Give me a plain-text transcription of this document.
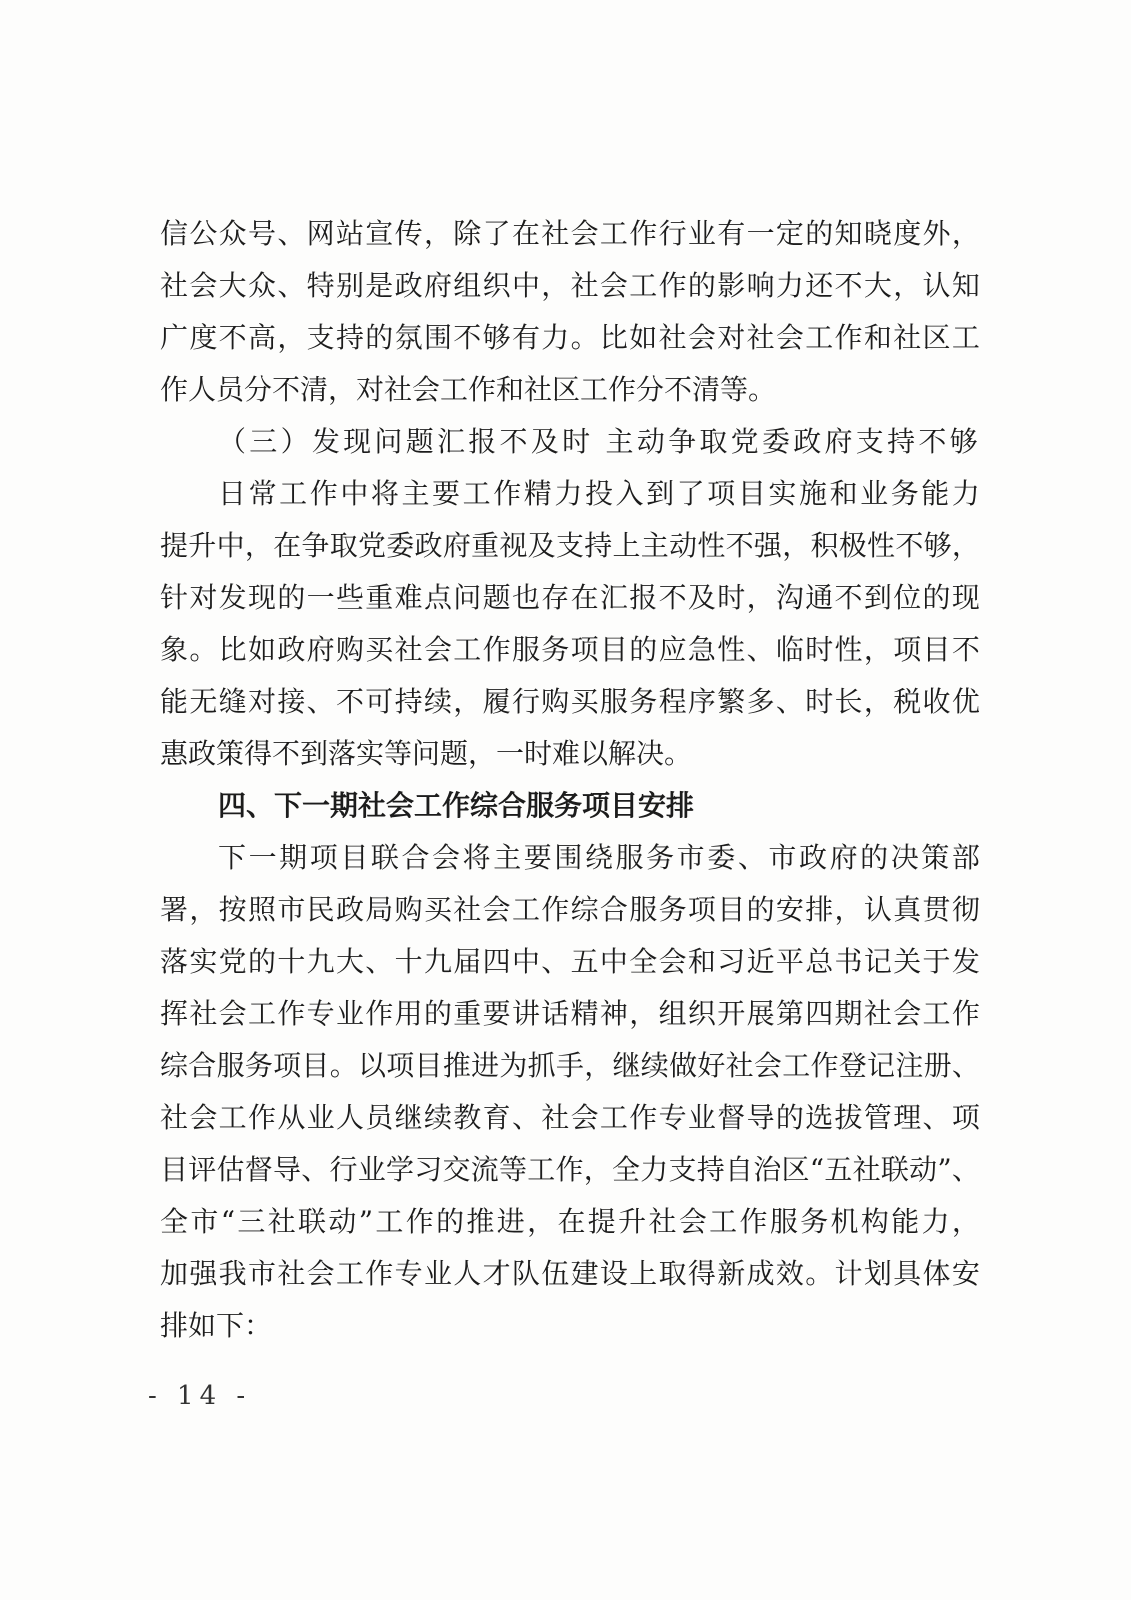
信 公 众 号 、 网 站 宣 传 ， 除 了 在 社 会 工 作 行 业 有 一 定 的 知 晓 度 外 ，
社 会 大 众 、 特 别 是 政 府 组 织 中 ， 社 会 工 作 的 影 响 力 还 不 大 ， 认 知
广 度 不 高 ， 支 持 的 氛 围 不 够 有 力 。 比 如 社 会 对 社 会 工 作 和 社 区 工
作人员分不清，对社会工作和社区工作分不清等。
（ 三 ） 发 现 问 题 汇 报 不 及 时
主 动 争 取 党 委 政 府 支 持 不 够
日 常 工 作 中 将 主 要 工 作 精 力 投 入 到 了 项 目 实 施 和 业 务 能 力
提 升 中 ， 在 争 取 党 委 政 府 重 视 及 支 持 上 主 动 性 不 强 ， 积 极 性 不 够 ，
针 对 发 现 的 一 些 重 难 点 问 题 也 存 在 汇 报 不 及 时 ， 沟 通 不 到 位 的 现
象 。 比 如 政 府 购 买 社 会 工 作 服 务 项 目 的 应 急 性 、 临 时 性 ， 项 目 不
能 无 缝 对 接 、 不 可 持 续 ， 履 行 购 买 服 务 程 序 繁 多 、 时 长 ， 税 收 优
惠政策得不到落实等问题，一时难以解决。
四、下一期社会工作综合服务项目安排
下 一 期 项 目 联 合 会 将 主 要 围 绕 服 务 市 委 、 市 政 府 的 决 策 部
署 ， 按 照 市 民 政 局 购 买 社 会 工 作 综 合 服 务 项 目 的 安 排 ， 认 真 贯 彻
落 实 党 的 十 九 大 、 十 九 届 四 中 、 五 中 全 会 和 习 近 平 总 书 记 关 于 发
挥 社 会 工 作 专 业 作 用 的 重 要 讲 话 精 神 ， 组 织 开 展 第 四 期 社 会 工 作
综 合 服 务 项 目 。 以 项 目 推 进 为 抓 手 ， 继 续 做 好 社 会 工 作 登 记 注 册 、
社 会 工 作 从 业 人 员 继 续 教 育 、 社 会 工 作 专 业 督 导 的 选 拔 管 理 、 项
目 评 估 督 导 、 行 业 学 习 交 流 等 工 作 ， 全 力 支 持 自 治 区 “ 五 社 联 动 ” 、
全 市 “ 三 社 联 动 ” 工 作 的 推 进 ， 在 提 升 社 会 工 作 服 务 机 构 能 力 ，
加 强 我 市 社 会 工 作 专 业 人 才 队 伍 建 设 上 取 得 新 成 效 。 计 划 具 体 安
排如下：
- 14 -
